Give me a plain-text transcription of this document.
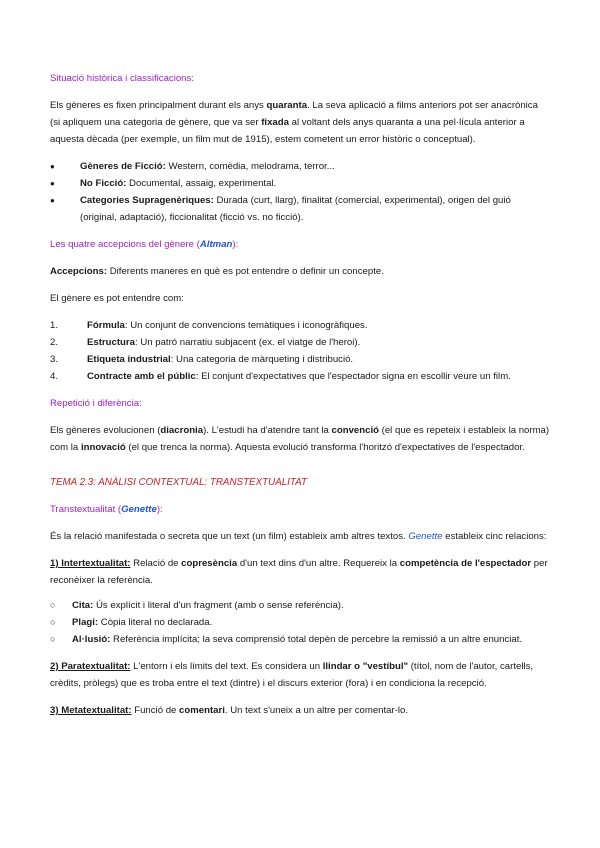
Situació històrica i classificacions:

Els gèneres es fixen principalment durant els anys quaranta. La seva aplicació a films anteriors pot ser anacrònica (si apliquem una categoria de gènere, que va ser fixada al voltant dels anys quaranta a una pel·lícula anterior a aquesta dècada (per exemple, un film mut de 1915), estem cometent un error històric o conceptual).

● Gèneres de Ficció: Western, comèdia, melodrama, terror...
● No Ficció: Documental, assaig, experimental.
● Categories Supragenèriques: Durada (curt, llarg), finalitat (comercial, experimental), origen del guió (original, adaptació), ficcionalitat (ficció vs. no ficció).

Les quatre accepcions del gènere (Altman):

Accepcions: Diferents maneres en què es pot entendre o definir un concepte.

El gènere es pot entendre com:

1.	Fórmula: Un conjunt de convencions temàtiques i iconogràfiques.
2.	Estructura: Un patró narratiu subjacent (ex. el viatge de l'heroi).
3.	Etiqueta industrial: Una categoria de màrqueting i distribució.
4.	Contracte amb el públic: El conjunt d'expectatives que l'espectador signa en escollir veure un film.

Repetició i diferència:

Els gèneres evolucionen (diacronia). L'estudi ha d'atendre tant la convenció (el que es repeteix i estableix la norma) com la innovació (el que trenca la norma). Aquesta evolució transforma l'horitzó d'expectatives de l'espectador.

TEMA 2.3: ANÀLISI CONTEXTUAL: TRANSTEXTUALITAT

Transtextualitat (Genette):

És la relació manifestada o secreta que un text (un film) estableix amb altres textos. Genette estableix cinc relacions:

1) Intertextualitat: Relació de copresència d'un text dins d'un altre. Requereix la competència de l'espectador per reconèixer la referència.

○ Cita: Ús explícit i literal d'un fragment (amb o sense referència).
○ Plagi: Còpia literal no declarada.
○ Al·lusió: Referència implícita; la seva comprensió total depèn de percebre la remissió a un altre enunciat.

2) Paratextualitat: L'entorn i els límits del text. Es considera un llindar o "vestíbul" (títol, nom de l'autor, cartells, crèdits, pròlegs) que es troba entre el text (dintre) i el discurs exterior (fora) i en condiciona la recepció.

3) Metatextualitat: Funció de comentari. Un text s'uneix a un altre per comentar-lo.
